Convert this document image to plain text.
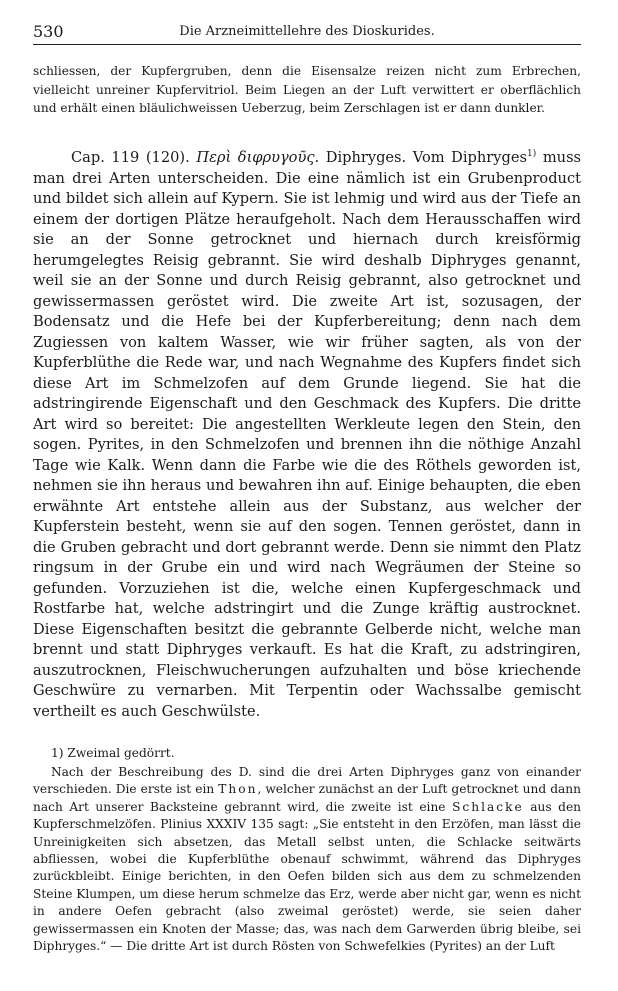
530	Die Arzneimittellehre des Dioskurides.

schliessen, der Kupfergruben, denn die Eisensalze reizen nicht zum Erbrechen, vielleicht unreiner Kupfervitriol. Beim Liegen an der Luft verwittert er oberflächlich und erhält einen bläulichweissen Ueberzug, beim Zerschlagen ist er dann dunkler.

Cap. 119 (120). Περὶ διφρυγοῦς. Diphryges. Vom Diphryges$^{1)}$ muss man drei Arten unterscheiden. Die eine nämlich ist ein Grubenproduct und bildet sich allein auf Kypern. Sie ist lehmig und wird aus der Tiefe an einem der dortigen Plätze heraufgeholt. Nach dem Herausschaffen wird sie an der Sonne getrocknet und hiernach durch kreisförmig herumgelegtes Reisig gebrannt. Sie wird deshalb Diphryges genannt, weil sie an der Sonne und durch Reisig gebrannt, also getrocknet und gewissermassen geröstet wird. Die zweite Art ist, sozusagen, der Bodensatz und die Hefe bei der Kupferbereitung; denn nach dem Zugiessen von kaltem Wasser, wie wir früher sagten, als von der Kupferblüthe die Rede war, und nach Wegnahme des Kupfers findet sich diese Art im Schmelzofen auf dem Grunde liegend. Sie hat die adstringirende Eigenschaft und den Geschmack des Kupfers. Die dritte Art wird so bereitet: Die angestellten Werkleute legen den Stein, den sogen. Pyrites, in den Schmelzofen und brennen ihn die nöthige Anzahl Tage wie Kalk. Wenn dann die Farbe wie die des Röthels geworden ist, nehmen sie ihn heraus und bewahren ihn auf. Einige behaupten, die eben erwähnte Art entstehe allein aus der Substanz, aus welcher der Kupferstein besteht, wenn sie auf den sogen. Tennen geröstet, dann in die Gruben gebracht und dort gebrannt werde. Denn sie nimmt den Platz ringsum in der Grube ein und wird nach Wegräumen der Steine so gefunden. Vorzuziehen ist die, welche einen Kupfergeschmack und Rostfarbe hat, welche adstringirt und die Zunge kräftig austrocknet. Diese Eigenschaften besitzt die gebrannte Gelberde nicht, welche man brennt und statt Diphryges verkauft. Es hat die Kraft, zu adstringiren, auszutrocknen, Fleischwucherungen aufzuhalten und böse kriechende Geschwüre zu vernarben. Mit Terpentin oder Wachssalbe gemischt vertheilt es auch Geschwülste.

1) Zweimal gedörrt.

Nach der Beschreibung des D. sind die drei Arten Diphryges ganz von einander verschieden. Die erste ist ein Thon, welcher zunächst an der Luft getrocknet und dann nach Art unserer Backsteine gebrannt wird, die zweite ist eine Schlacke aus den Kupferschmelzöfen. Plinius XXXIV 135 sagt: „Sie entsteht in den Erzöfen, man lässt die Unreinigkeiten sich absetzen, das Metall selbst unten, die Schlacke seitwärts abfliessen, wobei die Kupferblüthe obenauf schwimmt, während das Diphryges zurückbleibt. Einige berichten, in den Oefen bilden sich aus dem zu schmelzenden Steine Klumpen, um diese herum schmelze das Erz, werde aber nicht gar, wenn es nicht in andere Oefen gebracht (also zweimal geröstet) werde, sie seien daher gewissermassen ein Knoten der Masse; das, was nach dem Garwerden übrig bleibe, sei Diphryges.“ — Die dritte Art ist durch Rösten von Schwefelkies (Pyrites) an der Luft
